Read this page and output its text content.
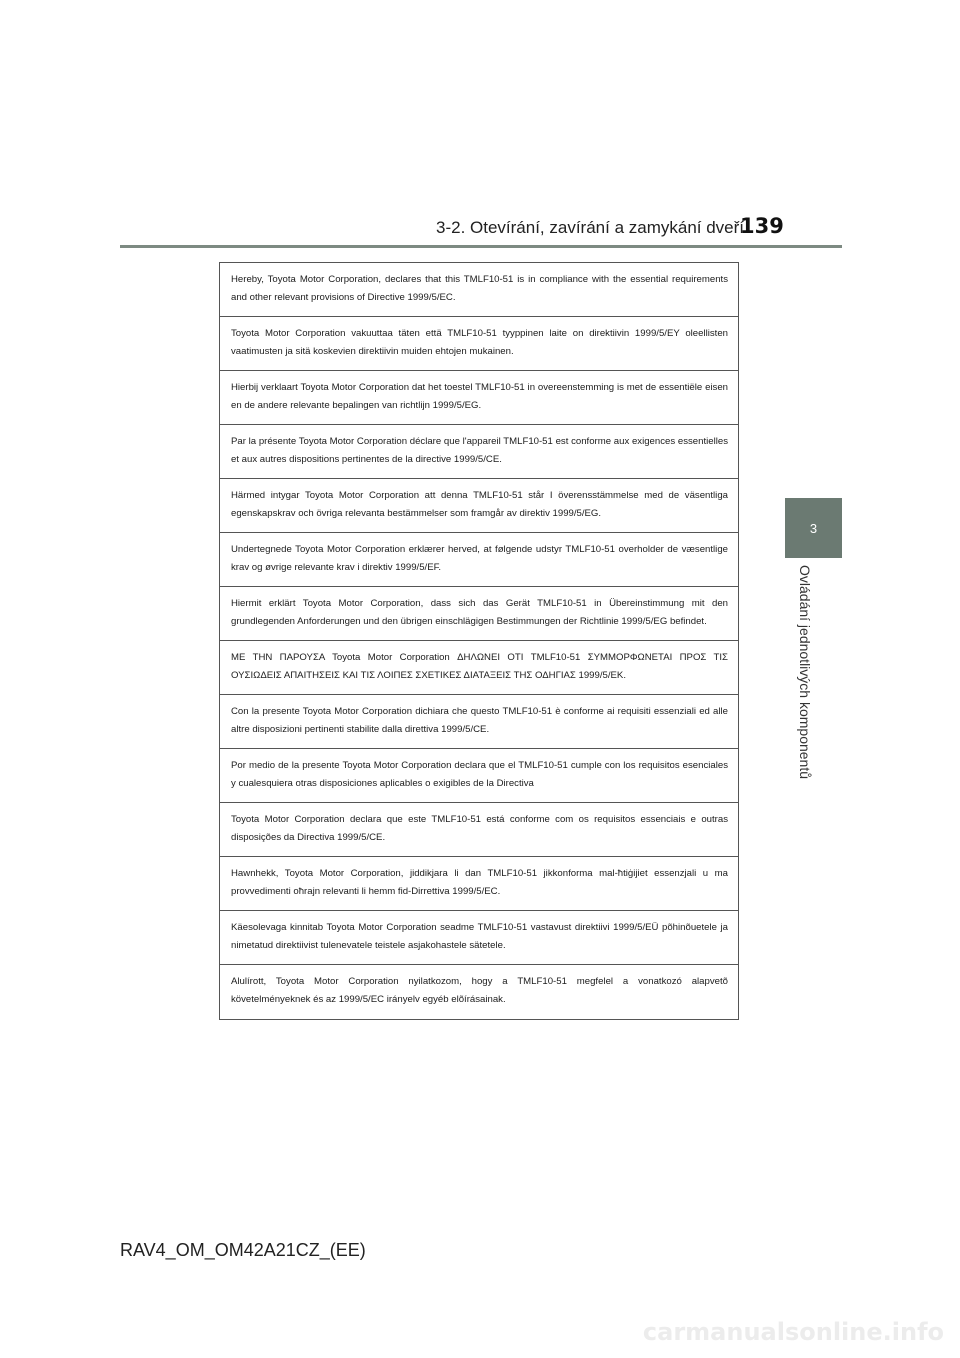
3-2. Otevírání, zavírání a zamykání dveří
139
3
Ovládání jednotlivých komponentů
Hereby, Toyota Motor Corporation, declares that this TMLF10-51 is in compliance with the essential requirements and other relevant provisions of Directive 1999/5/EC.
Toyota Motor Corporation vakuuttaa täten että TMLF10-51 tyyppinen laite on direktiivin 1999/5/EY oleellisten vaatimusten ja sitä koskevien direktiivin muiden ehtojen mukainen.
Hierbij verklaart Toyota Motor Corporation dat het toestel TMLF10-51 in overeenstemming is met de essentiële eisen en de andere relevante bepalingen van richtlijn 1999/5/EG.
Par la présente Toyota Motor Corporation déclare que l'appareil TMLF10-51 est conforme aux exigences essentielles et aux autres dispositions pertinentes de la directive 1999/5/CE.
Härmed intygar Toyota Motor Corporation att denna TMLF10-51 står I överensstämmelse med de väsentliga egenskapskrav och övriga relevanta bestämmelser som framgår av direktiv 1999/5/EG.
Undertegnede Toyota Motor Corporation erklærer herved, at følgende udstyr TMLF10-51 overholder de væsentlige krav og øvrige relevante krav i direktiv 1999/5/EF.
Hiermit erklärt Toyota Motor Corporation, dass sich das Gerät TMLF10-51 in Übereinstimmung mit den grundlegenden Anforderungen und den übrigen einschlägigen Bestimmungen der Richtlinie 1999/5/EG befindet.
ΜΕ ΤΗΝ ΠΑΡΟΥΣΑ Toyota Motor Corporation ΔΗΛΩΝΕΙ ΟΤΙ TMLF10-51 ΣΥΜΜΟΡΦΩΝΕΤΑΙ ΠΡΟΣ ΤΙΣ ΟΥΣΙΩΔΕΙΣ ΑΠΑΙΤΗΣΕΙΣ ΚΑΙ ΤΙΣ ΛΟΙΠΕΣ ΣΧΕΤΙΚΕΣ ΔΙΑΤΑΞΕΙΣ ΤΗΣ ΟΔΗΓΙΑΣ 1999/5/ΕΚ.
Con la presente Toyota Motor Corporation dichiara che questo TMLF10-51 è conforme ai requisiti essenziali ed alle altre disposizioni pertinenti stabilite dalla direttiva 1999/5/CE.
Por medio de la presente Toyota Motor Corporation declara que el TMLF10-51 cumple con los requisitos esenciales y cualesquiera otras disposiciones aplicables o exigibles de la Directiva
Toyota Motor Corporation declara que este TMLF10-51 está conforme com os requisitos essenciais e outras disposições da Directiva 1999/5/CE.
Hawnhekk, Toyota Motor Corporation, jiddikjara li dan TMLF10-51 jikkonforma mal-ħtiġijiet essenzjali u ma provvedimenti oħrajn relevanti li hemm fid-Dirrettiva 1999/5/EC.
Käesolevaga kinnitab Toyota Motor Corporation seadme TMLF10-51 vastavust direktiivi 1999/5/EÜ põhinõuetele ja nimetatud direktiivist tulenevatele teistele asjakohastele sätetele.
Alulírott, Toyota Motor Corporation nyilatkozom, hogy a TMLF10-51 megfelel a vonatkozó alapvetõ követelményeknek és az 1999/5/EC irányelv egyéb elõírásainak.
RAV4_OM_OM42A21CZ_(EE)
carmanualsonline.info
